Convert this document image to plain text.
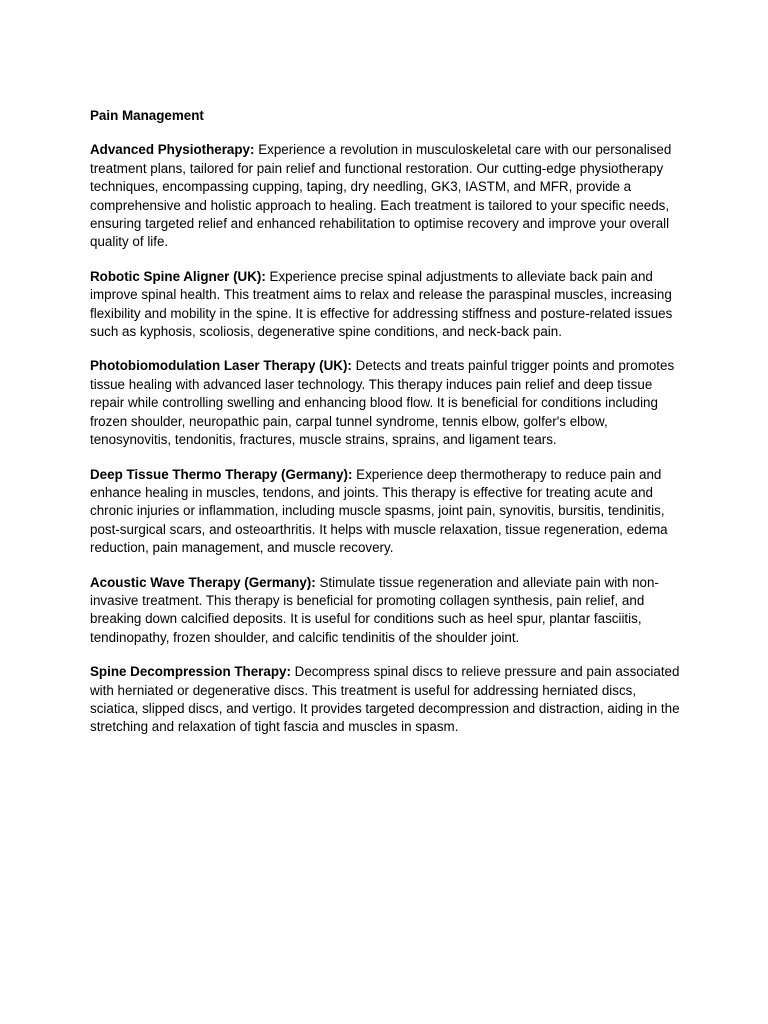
Pain Management

Advanced Physiotherapy: Experience a revolution in musculoskeletal care with our personalised treatment plans, tailored for pain relief and functional restoration. Our cutting-edge physiotherapy techniques, encompassing cupping, taping, dry needling, GK3, IASTM, and MFR, provide a comprehensive and holistic approach to healing. Each treatment is tailored to your specific needs, ensuring targeted relief and enhanced rehabilitation to optimise recovery and improve your overall quality of life.

Robotic Spine Aligner (UK): Experience precise spinal adjustments to alleviate back pain and improve spinal health. This treatment aims to relax and release the paraspinal muscles, increasing flexibility and mobility in the spine. It is effective for addressing stiffness and posture-related issues such as kyphosis, scoliosis, degenerative spine conditions, and neck-back pain.

Photobiomodulation Laser Therapy (UK): Detects and treats painful trigger points and promotes tissue healing with advanced laser technology. This therapy induces pain relief and deep tissue repair while controlling swelling and enhancing blood flow. It is beneficial for conditions including frozen shoulder, neuropathic pain, carpal tunnel syndrome, tennis elbow, golfer's elbow, tenosynovitis, tendonitis, fractures, muscle strains, sprains, and ligament tears.

Deep Tissue Thermo Therapy (Germany): Experience deep thermotherapy to reduce pain and enhance healing in muscles, tendons, and joints. This therapy is effective for treating acute and chronic injuries or inflammation, including muscle spasms, joint pain, synovitis, bursitis, tendinitis, post-surgical scars, and osteoarthritis. It helps with muscle relaxation, tissue regeneration, edema reduction, pain management, and muscle recovery.

Acoustic Wave Therapy (Germany): Stimulate tissue regeneration and alleviate pain with non-invasive treatment. This therapy is beneficial for promoting collagen synthesis, pain relief, and breaking down calcified deposits. It is useful for conditions such as heel spur, plantar fasciitis, tendinopathy, frozen shoulder, and calcific tendinitis of the shoulder joint.

Spine Decompression Therapy: Decompress spinal discs to relieve pressure and pain associated with herniated or degenerative discs. This treatment is useful for addressing herniated discs, sciatica, slipped discs, and vertigo. It provides targeted decompression and distraction, aiding in the stretching and relaxation of tight fascia and muscles in spasm.
